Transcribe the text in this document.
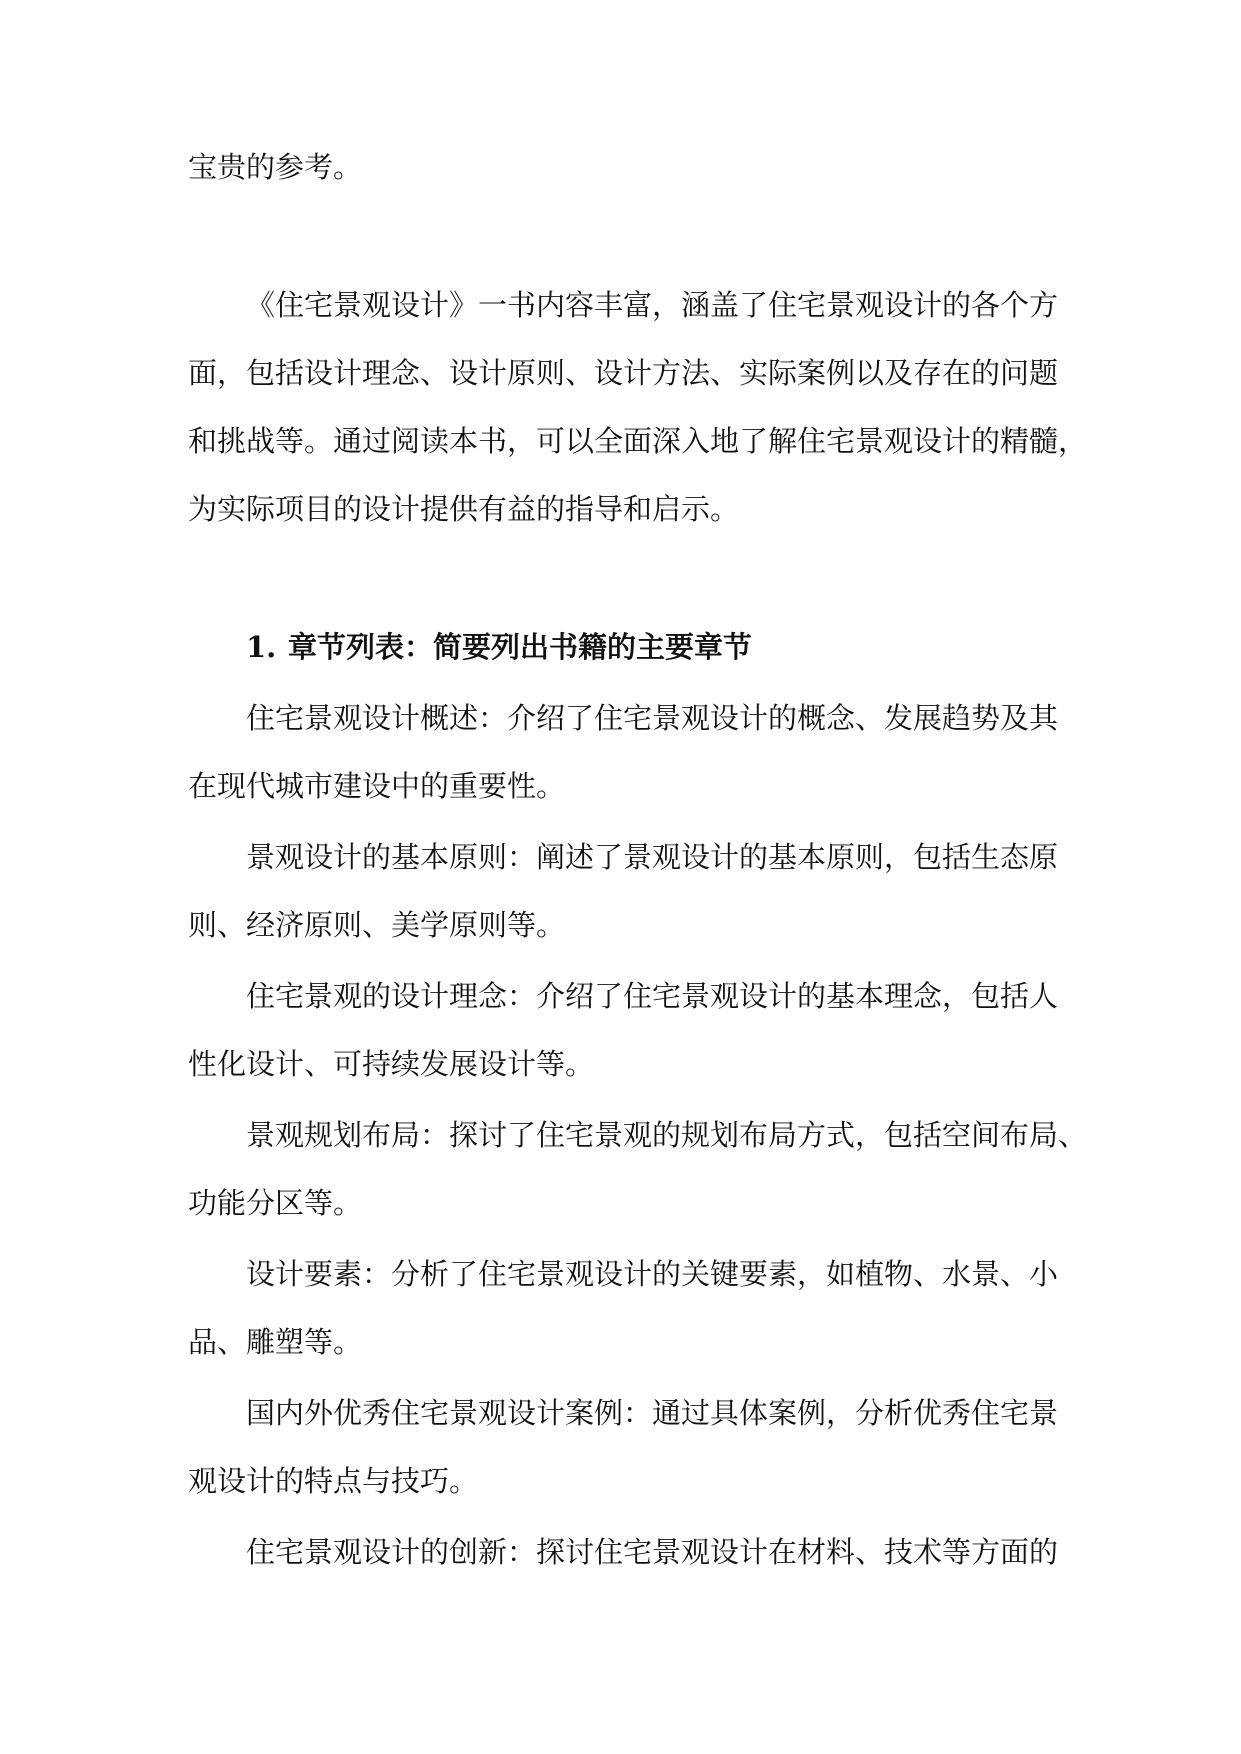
宝贵的参考。
《住宅景观设计》一书内容丰富，涵盖了住宅景观设计的各个方
面，包括设计理念、设计原则、设计方法、实际案例以及存在的问题
和挑战等。通过阅读本书，可以全面深入地了解住宅景观设计的精髓，
为实际项目的设计提供有益的指导和启示。
1. 章节列表：简要列出书籍的主要章节
住宅景观设计概述：介绍了住宅景观设计的概念、发展趋势及其
在现代城市建设中的重要性。
景观设计的基本原则：阐述了景观设计的基本原则，包括生态原
则、经济原则、美学原则等。
住宅景观的设计理念：介绍了住宅景观设计的基本理念，包括人
性化设计、可持续发展设计等。
景观规划布局：探讨了住宅景观的规划布局方式，包括空间布局、
功能分区等。
设计要素：分析了住宅景观设计的关键要素，如植物、水景、小
品、雕塑等。
国内外优秀住宅景观设计案例：通过具体案例，分析优秀住宅景
观设计的特点与技巧。
住宅景观设计的创新：探讨住宅景观设计在材料、技术等方面的
